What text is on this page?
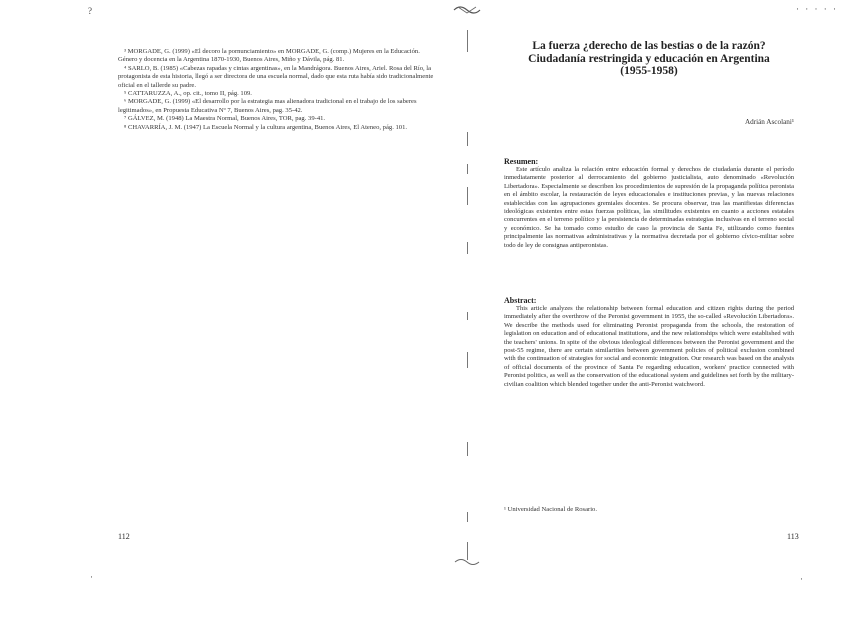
?	· · · · ·
·	·

³ MORGADE, G. (1999) «El decoro la pornunciamiento» en MORGADE, G. (comp.) Mujeres en la Educación. Género y docencia en la Argentina 1870-1930, Buenos Aires, Miño y Dávila, pág. 81.

⁴ SARLO, B. (1985) «Cabezas rapadas y cintas argentinas», en la Mandrágora. Buenos Aires, Ariel. Rosa del Río, la protagonista de esta historia, llegó a ser directora de una escuela normal, dado que esta ruta había sido tradicionalmente oficial en el tallerde su padre.

⁵ CATTARUZZA, A., op. cit., tomo II, pág. 109.

⁶ MORGADE, G. (1999) «El desarrollo por la estrategia mas alienadora tradicional en el trabajo de los saberes legitimados», en Propuesta Educativa Nº 7, Buenos Aires, pag. 35-42.

⁷ GÁLVEZ, M. (1948) La Maestra Normal, Buenos Aires, TOR, pag. 39-41.

⁸ CHAVARRÍA, J. M. (1947) La Escuela Normal y la cultura argentina, Buenos Aires, El Ateneo, pág. 101.

112
La fuerza ¿derecho de las bestias o de la razón?
Ciudadanía restringida y educación en Argentina
(1955-1958)
Adrián Ascolani¹
Resumen:

Este artículo analiza la relación entre educación formal y derechos de ciudadanía durante el período inmediatamente posterior al derrocamiento del gobierno justicialista, auto denominado «Revolución Libertadora». Especialmente se describen los procedimientos de supresión de la propaganda política peronista en el ámbito escolar, la restauración de leyes educacionales e instituciones previas, y las nuevas relaciones establecidas con las agrupaciones gremiales docentes. Se procura observar, tras las manifiestas diferencias ideológicas existentes entre estas fuerzas políticas, las similitudes existentes en cuanto a acciones estatales concurrentes en el terreno político y la persistencia de determinadas estrategias inclusivas en el terreno social y económico. Se ha tomado como estudio de caso la provincia de Santa Fe, utilizando como fuentes principalmente las normativas administrativas y la normativa decretada por el gobierno cívico-militar sobre todo de ley de consignas antiperonistas.

Abstract:

This article analyzes the relationship between formal education and citizen rights during the period immediately after the overthrow of the Peronist government in 1955, the so-called «Revolución Libertadora». We describe the methods used for eliminating Peronist propaganda from the schools, the restoration of legislation on education and of educational institutions, and the new relationships which were established with the teachers' unions. In spite of the obvious ideological differences between the Peronist government and the post-55 regime, there are certain similarities between government policies of political exclusion combined with the continuation of strategies for social and economic integration. Our research was based on the analysis of official documents of the province of Santa Fe regarding education, workers' practice connected with Peronist politics, as well as the conservation of the educational system and guidelines set forth by the military-civilian coalition which blended together under the anti-Peronist watchword.

¹ Universidad Nacional de Rosario.
113
